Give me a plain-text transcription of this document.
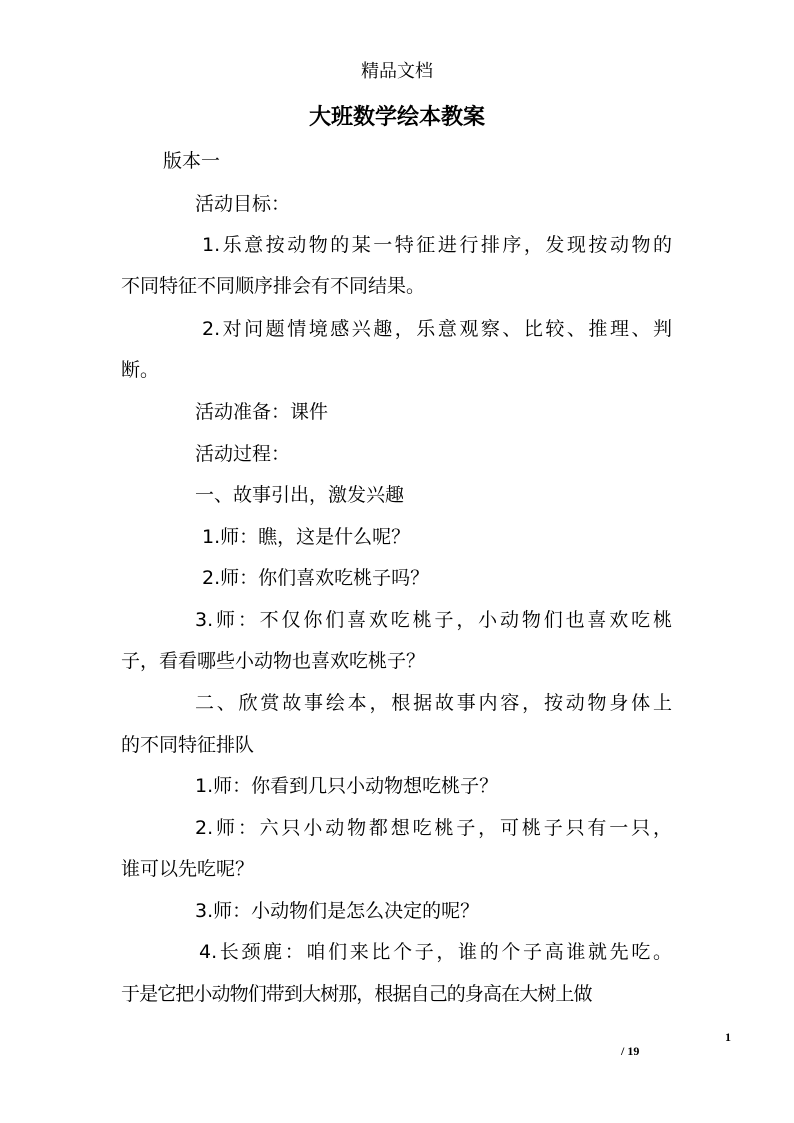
精品文档
大班数学绘本教案
版本一
活动目标：
1.乐意按动物的某一特征进行排序，发现按动物的
不同特征不同顺序排会有不同结果。
2.对问题情境感兴趣，乐意观察、比较、推理、判
断。
活动准备：课件
活动过程：
一、故事引出，激发兴趣
1.师：瞧，这是什么呢？
2.师：你们喜欢吃桃子吗？
3.师：不仅你们喜欢吃桃子，小动物们也喜欢吃桃
子，看看哪些小动物也喜欢吃桃子？
二、欣赏故事绘本，根据故事内容，按动物身体上
的不同特征排队
1.师：你看到几只小动物想吃桃子？
2.师：六只小动物都想吃桃子，可桃子只有一只，
谁可以先吃呢？
3.师：小动物们是怎么决定的呢？
4.长颈鹿：咱们来比个子，谁的个子高谁就先吃。
于是它把小动物们带到大树那，根据自己的身高在大树上做
1
/ 19
